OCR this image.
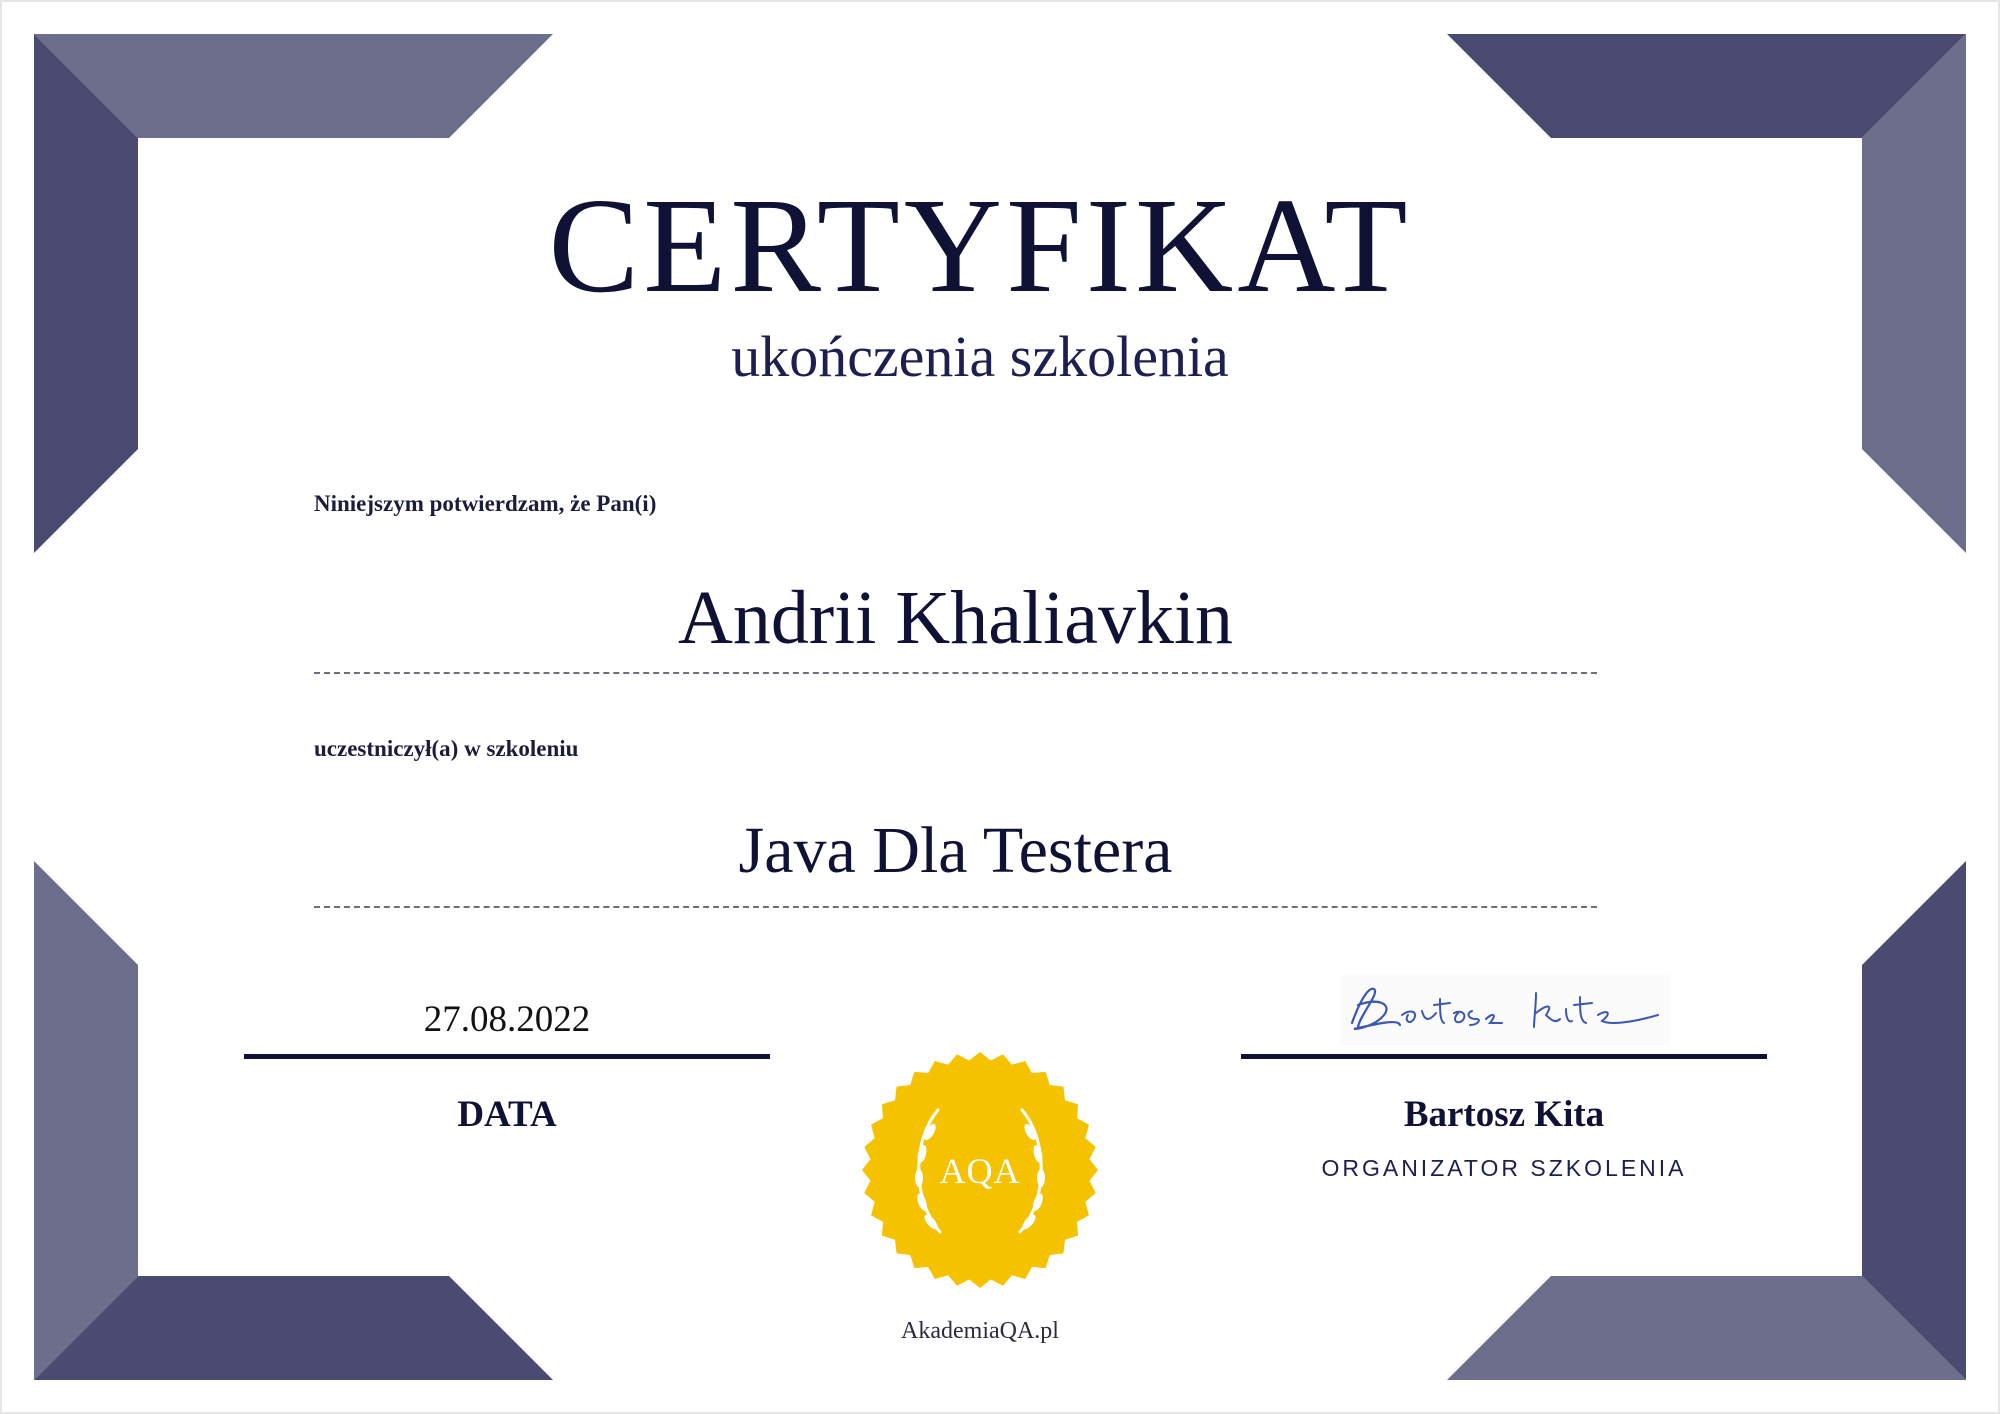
CERTYFIKAT
ukończenia szkolenia
Niniejszym potwierdzam, że Pan(i)
Andrii Khaliavkin
uczestniczył(a) w szkoleniu
Java Dla Testera
27.08.2022
DATA	Bartosz Kita
ORGANIZATOR SZKOLENIA
AQA
AkademiaQA.pl
